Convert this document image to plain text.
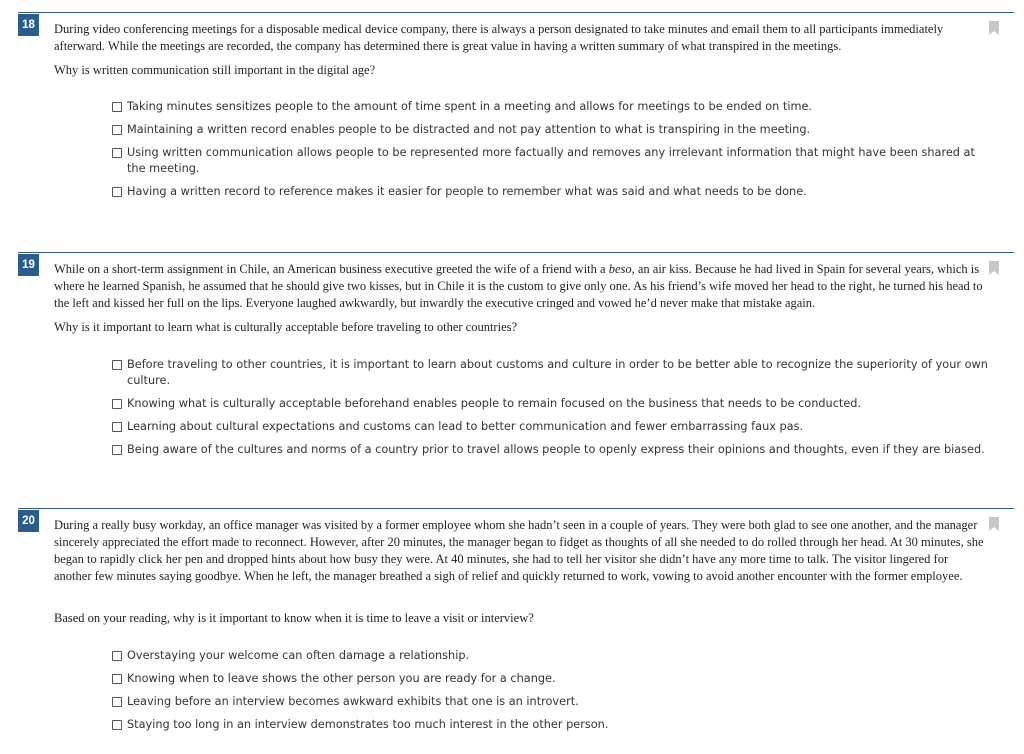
18	During video conferencing meetings for a disposable medical device company, there is always a person designated to take minutes and email them to all participants immediately afterward. While the meetings are recorded, the company has determined there is great value in having a written summary of what transpired in the meetings.
Why is written communication still important in the digital age?
Taking minutes sensitizes people to the amount of time spent in a meeting and allows for meetings to be ended on time.
Maintaining a written record enables people to be distracted and not pay attention to what is transpiring in the meeting.
Using written communication allows people to be represented more factually and removes any irrelevant information that might have been shared at the meeting.
Having a written record to reference makes it easier for people to remember what was said and what needs to be done.
19	While on a short-term assignment in Chile, an American business executive greeted the wife of a friend with a beso, an air kiss. Because he had lived in Spain for several years, which is where he learned Spanish, he assumed that he should give two kisses, but in Chile it is the custom to give only one. As his friend’s wife moved her head to the right, he turned his head to the left and kissed her full on the lips. Everyone laughed awkwardly, but inwardly the executive cringed and vowed he’d never make that mistake again.
Why is it important to learn what is culturally acceptable before traveling to other countries?
Before traveling to other countries, it is important to learn about customs and culture in order to be better able to recognize the superiority of your own culture.
Knowing what is culturally acceptable beforehand enables people to remain focused on the business that needs to be conducted.
Learning about cultural expectations and customs can lead to better communication and fewer embarrassing faux pas.
Being aware of the cultures and norms of a country prior to travel allows people to openly express their opinions and thoughts, even if they are biased.
20	During a really busy workday, an office manager was visited by a former employee whom she hadn’t seen in a couple of years. They were both glad to see one another, and the manager sincerely appreciated the effort made to reconnect. However, after 20 minutes, the manager began to fidget as thoughts of all she needed to do rolled through her head. At 30 minutes, she began to rapidly click her pen and dropped hints about how busy they were. At 40 minutes, she had to tell her visitor she didn’t have any more time to talk. The visitor lingered for another few minutes saying goodbye. When he left, the manager breathed a sigh of relief and quickly returned to work, vowing to avoid another encounter with the former employee.
Based on your reading, why is it important to know when it is time to leave a visit or interview?
Overstaying your welcome can often damage a relationship.
Knowing when to leave shows the other person you are ready for a change.
Leaving before an interview becomes awkward exhibits that one is an introvert.
Staying too long in an interview demonstrates too much interest in the other person.
